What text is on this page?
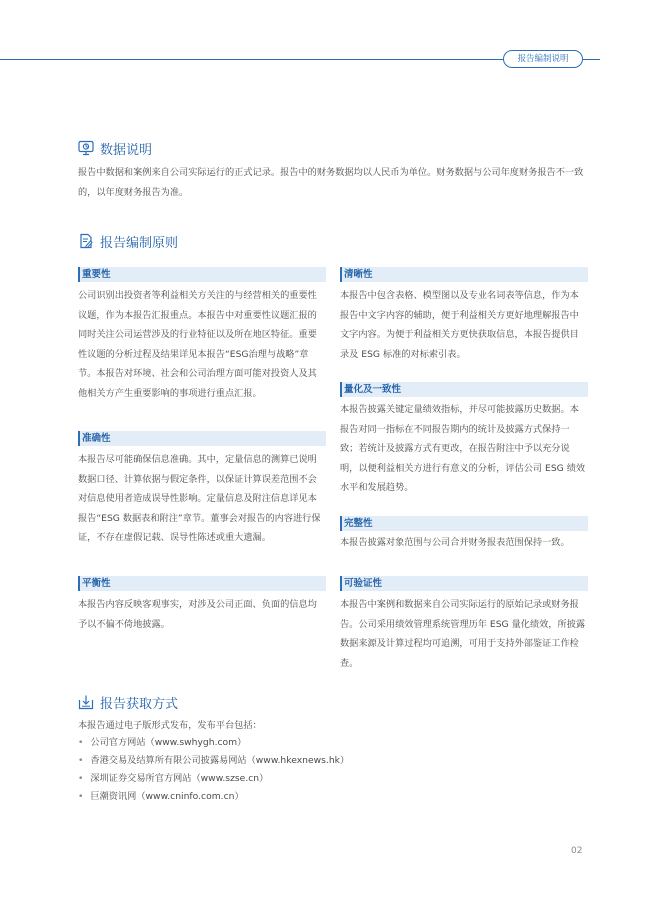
报告编制说明
数据说明

报告中数据和案例来自公司实际运行的正式记录。报告中的财务数据均以人民币为单位。财务数据与公司年度财务报告不一致的，以年度财务报告为准。

报告编制原则
重要性

公司识别出投资者等利益相关方关注的与经营相关的重要性议题，作为本报告汇报重点。本报告中对重要性议题汇报的同时关注公司运营涉及的行业特征以及所在地区特征。重要性议题的分析过程及结果详见本报告“ESG治理与战略”章节。本报告对环境、社会和公司治理方面可能对投资人及其他相关方产生重要影响的事项进行重点汇报。

准确性

本报告尽可能确保信息准确。其中，定量信息的测算已说明数据口径、计算依据与假定条件，以保证计算误差范围不会对信息使用者造成误导性影响。定量信息及附注信息详见本报告“ESG 数据表和附注”章节。董事会对报告的内容进行保证，不存在虚假记载、误导性陈述或重大遗漏。

平衡性

本报告内容反映客观事实，对涉及公司正面、负面的信息均予以不偏不倚地披露。

清晰性

本报告中包含表格、模型图以及专业名词表等信息，作为本报告中文字内容的辅助，便于利益相关方更好地理解报告中文字内容。为便于利益相关方更快获取信息，本报告提供目录及 ESG 标准的对标索引表。

量化及一致性

本报告披露关键定量绩效指标，并尽可能披露历史数据。本报告对同一指标在不同报告期内的统计及披露方式保持一致；若统计及披露方式有更改，在报告附注中予以充分说明，以便利益相关方进行有意义的分析，评估公司 ESG 绩效水平和发展趋势。

完整性

本报告披露对象范围与公司合并财务报表范围保持一致。

可验证性

本报告中案例和数据来自公司实际运行的原始记录或财务报告。公司采用绩效管理系统管理历年 ESG 量化绩效，所披露数据来源及计算过程均可追溯，可用于支持外部鉴证工作检查。

报告获取方式

本报告通过电子版形式发布，发布平台包括：

• 公司官方网站（www.swhygh.com）
• 香港交易及结算所有限公司披露易网站（www.hkexnews.hk）
• 深圳证券交易所官方网站（www.szse.cn）
• 巨潮资讯网（www.cninfo.com.cn）
02
